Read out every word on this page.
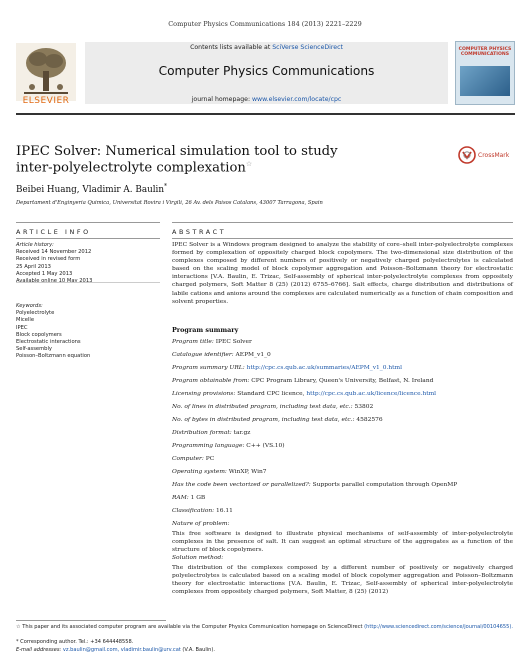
Computer Physics Communications 184 (2013) 2221–2229
Contents lists available at SciVerse ScienceDirect
Computer Physics Communications
journal homepage: www.elsevier.com/locate/cpc
ELSEVIER
COMPUTER PHYSICS COMMUNICATIONS
IPEC Solver: Numerical simulation tool to study
inter-polyelectrolyte complexation☆
CrossMark
Beibei Huang, Vladimir A. Baulin*
Departament d'Enginyeria Quimica, Universitat Rovira i Virgili, 26 Av. dels Paisos Catalans, 43007 Tarragona, Spain
ARTICLE INFO	ABSTRACT
Article history:
Received 14 November 2012
Received in revised form
25 April 2013
Accepted 1 May 2013
Keywords:
Polyelectrolyte
Micelle
IPEC
Block copolymers
Electrostatic interactions
Self-assembly
Poisson–Boltzmann equation
IPEC Solver is a Windows program designed to analyze the stability of core–shell inter-polyelectrolyte complexes formed by complexation of oppositely charged block copolymers. The two-dimensional size distribution of the complexes composed by different numbers of positively or negatively charged polyelectrolytes is calculated based on the scaling model of block copolymer aggregation and Poisson–Boltzmann theory for electrostatic interactions [V.A. Baulin, E. Trizac, Self-assembly of spherical inter-polyelectrolyte complexes from oppositely charged polymers, Soft Matter 8 (25) (2012) 6755–6766]. Salt effects, charge distribution and distributions of labile cations and anions around the complexes are calculated numerically as a function of chain composition and solvent properties.
Program summary
Program title: IPEC Solver
Catalogue identifier: AEPM_v1_0
Program summary URL: http://cpc.cs.qub.ac.uk/summaries/AEPM_v1_0.html
Program obtainable from: CPC Program Library, Queen's University, Belfast, N. Ireland
Licensing provisions: Standard CPC licence, http://cpc.cs.qub.ac.uk/licence/licence.html
No. of lines in distributed program, including test data, etc.: 53802
No. of bytes in distributed program, including test data, etc.: 4582576
Distribution format: tar.gz
Programming language: C++ (VS.10)
Computer: PC
Operating system: WinXP, Win7
Has the code been vectorized or parallelized?: Supports parallel computation through OpenMP
RAM: 1 GB
Classification: 16.11
Nature of problem:
This free software is designed to illustrate physical mechanisms of self-assembly of inter-polyelectrolyte complexes in the presence of salt. It can suggest an optimal structure of the aggregates as a function of the structure of block copolymers.
Solution method:
The distribution of the complexes composed by a different number of positively or negatively charged polyelectrolytes is calculated based on a scaling model of block copolymer aggregation and Poisson–Boltzmann theory for electrostatic interactions [V.A. Baulin, E. Trizac, Self-assembly of spherical inter-polyelectrolyte complexes from oppositely charged polymers, Soft Matter, 8 (25) (2012)
☆ This paper and its associated computer program are available via the Computer Physics Communication homepage on ScienceDirect (http://www.sciencedirect.com/science/journal/00104655).
* Corresponding author. Tel.: +34 644448558.
E-mail addresses: vz.baulin@gmail.com, vladimir.baulin@urv.cat (V.A. Baulin).
